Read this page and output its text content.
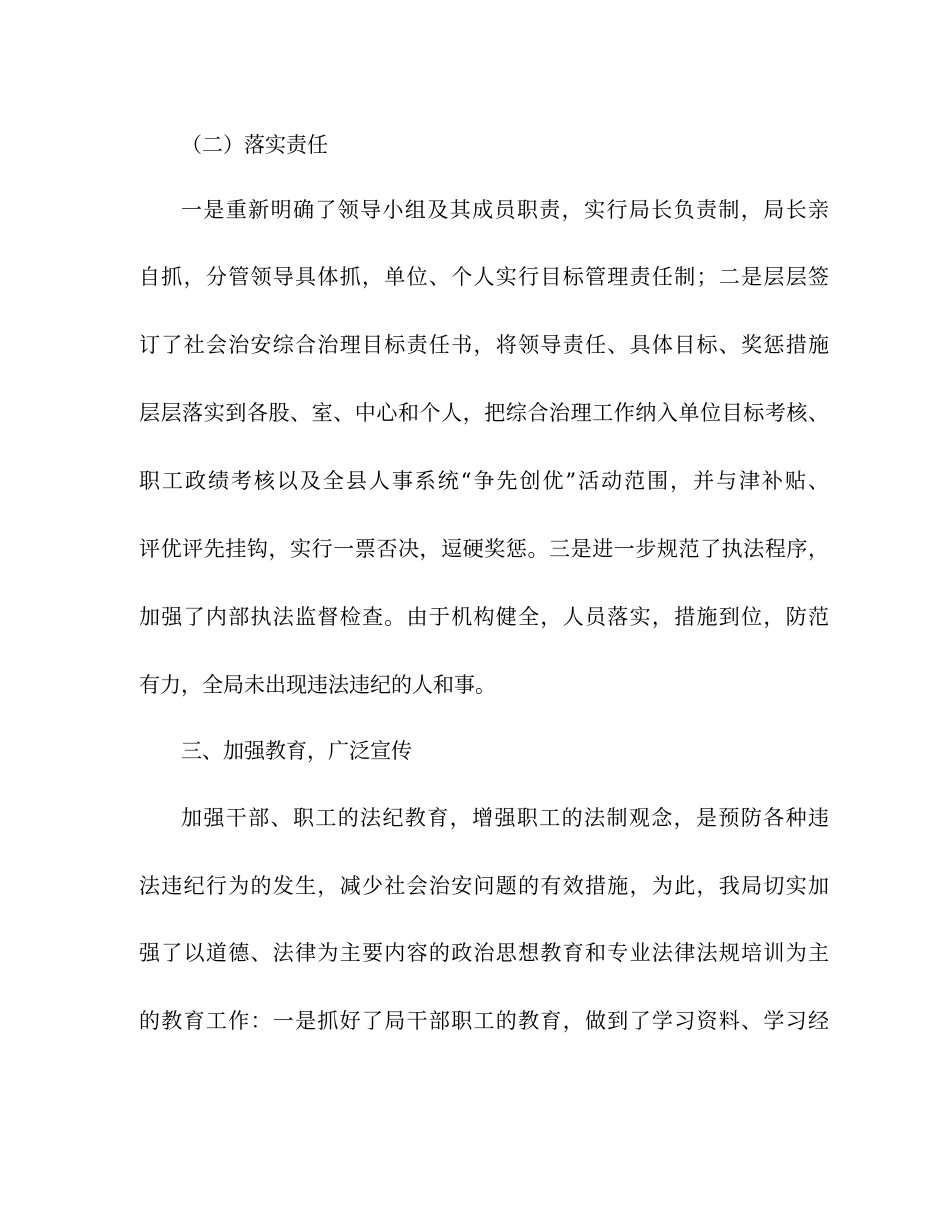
（二）落实责任
一是重新明确了领导小组及其成员职责，实行局长负责制，局长亲
自抓，分管领导具体抓，单位、个人实行目标管理责任制；二是层层签
订了社会治安综合治理目标责任书，将领导责任、具体目标、奖惩措施
层层落实到各股、室、中心和个人，把综合治理工作纳入单位目标考核、
职工政绩考核以及全县人事系统“争先创优”活动范围，并与津补贴、
评优评先挂钩，实行一票否决，逗硬奖惩。三是进一步规范了执法程序，
加强了内部执法监督检查。由于机构健全，人员落实，措施到位，防范
有力，全局未出现违法违纪的人和事。
三、加强教育，广泛宣传
加强干部、职工的法纪教育，增强职工的法制观念，是预防各种违
法违纪行为的发生，减少社会治安问题的有效措施，为此，我局切实加
强了以道德、法律为主要内容的政治思想教育和专业法律法规培训为主
的教育工作：一是抓好了局干部职工的教育，做到了学习资料、学习经
